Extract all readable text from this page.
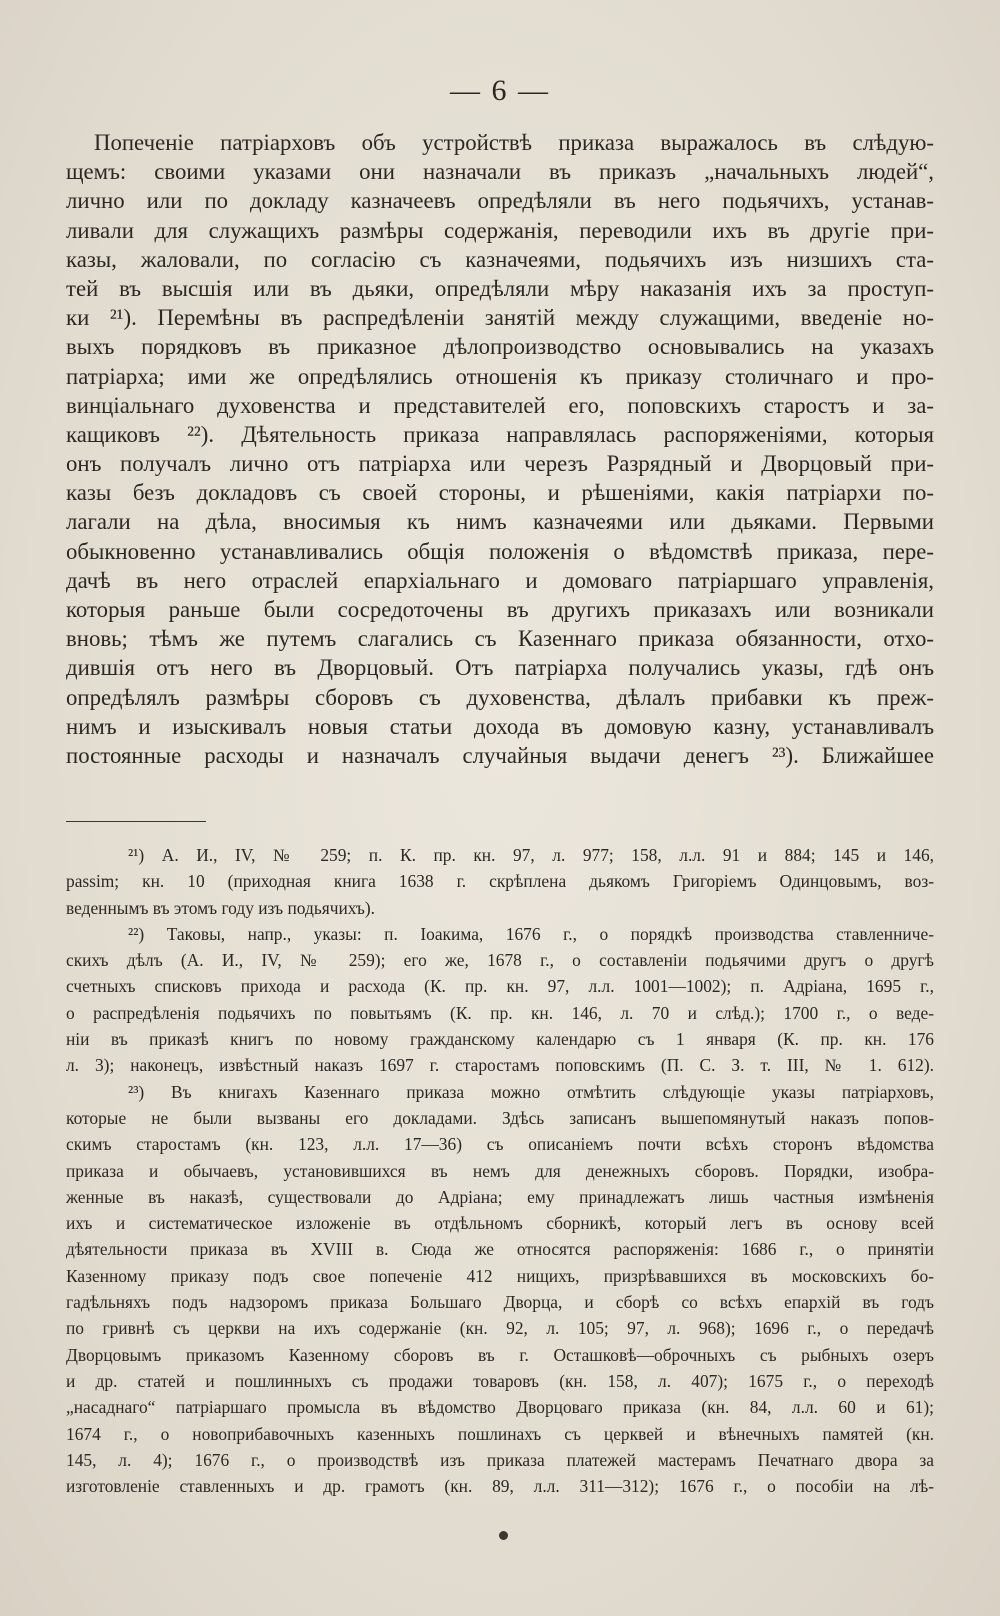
— 6 —
Попеченіе патріарховъ объ устройствѣ приказа выражалось въ слѣдую-
щемъ: своими указами они назначали въ приказъ „начальныхъ людей“,
лично или по докладу казначеевъ опредѣляли въ него подьячихъ, устанав-
ливали для служащихъ размѣры содержанія, переводили ихъ въ другіе при-
казы, жаловали, по согласію съ казначеями, подьячихъ изъ низшихъ ста-
тей въ высшія или въ дьяки, опредѣляли мѣру наказанія ихъ за проступ-
ки ²¹). Перемѣны въ распредѣленіи занятій между служащими, введеніе но-
выхъ порядковъ въ приказное дѣлопроизводство основывались на указахъ
патріарха; ими же опредѣлялись отношенія къ приказу столичнаго и про-
винціальнаго духовенства и представителей его, поповскихъ старостъ и за-
кащиковъ ²²). Дѣятельность приказа направлялась распоряженіями, которыя
онъ получалъ лично отъ патріарха или черезъ Разрядный и Дворцовый при-
казы безъ докладовъ съ своей стороны, и рѣшеніями, какія патріархи по-
лагали на дѣла, вносимыя къ нимъ казначеями или дьяками. Первыми
обыкновенно устанавливались общія положенія о вѣдомствѣ приказа, пере-
дачѣ въ него отраслей епархіальнаго и домоваго патріаршаго управленія,
которыя раньше были сосредоточены въ другихъ приказахъ или возникали
вновь; тѣмъ же путемъ слагались съ Казеннаго приказа обязанности, отхо-
дившія отъ него въ Дворцовый. Отъ патріарха получались указы, гдѣ онъ
опредѣлялъ размѣры сборовъ съ духовенства, дѣлалъ прибавки къ преж-
нимъ и изыскивалъ новыя статьи дохода въ домовую казну, устанавливалъ
постоянные расходы и назначалъ случайныя выдачи денегъ ²³). Ближайшее
²¹) А. И., IV, № 259; п. К. пр. кн. 97, л. 977; 158, л.л. 91 и 884; 145 и 146,
passim; кн. 10 (приходная книга 1638 г. скрѣплена дьякомъ Григоріемъ Одинцовымъ, воз-
веденнымъ въ этомъ году изъ подьячихъ).
²²) Таковы, напр., указы: п. Іоакима, 1676 г., о порядкѣ производства ставленниче-
скихъ дѣлъ (А. И., IV, № 259); его же, 1678 г., о составленіи подьячими другъ о другѣ
счетныхъ списковъ прихода и расхода (К. пр. кн. 97, л.л. 1001—1002); п. Адріана, 1695 г.,
о распредѣленія подьячихъ по повытьямъ (К. пр. кн. 146, л. 70 и слѣд.); 1700 г., о веде-
ніи въ приказѣ книгъ по новому гражданскому календарю съ 1 января (К. пр. кн. 176
л. 3); наконецъ, извѣстный наказъ 1697 г. старостамъ поповскимъ (П. С. З. т. III, № 1. 612).
²³) Въ книгахъ Казеннаго приказа можно отмѣтить слѣдующіе указы патріарховъ,
которые не были вызваны его докладами. Здѣсь записанъ вышепомянутый наказъ попов-
скимъ старостамъ (кн. 123, л.л. 17—36) съ описаніемъ почти всѣхъ сторонъ вѣдомства
приказа и обычаевъ, установившихся въ немъ для денежныхъ сборовъ. Порядки, изобра-
женные въ наказѣ, существовали до Адріана; ему принадлежатъ лишь частныя измѣненія
ихъ и систематическое изложеніе въ отдѣльномъ сборникѣ, который легъ въ основу всей
дѣятельности приказа въ XVIII в. Сюда же относятся распоряженія: 1686 г., о принятіи
Казенному приказу подъ свое попеченіе 412 нищихъ, призрѣвавшихся въ московскихъ бо-
гадѣльняхъ подъ надзоромъ приказа Большаго Дворца, и сборѣ со всѣхъ епархій въ годъ
по гривнѣ съ церкви на ихъ содержаніе (кн. 92, л. 105; 97, л. 968); 1696 г., о передачѣ
Дворцовымъ приказомъ Казенному сборовъ въ г. Осташковѣ—оброчныхъ съ рыбныхъ озеръ
и др. статей и пошлинныхъ съ продажи товаровъ (кн. 158, л. 407); 1675 г., о переходѣ
„насаднаго“ патріаршаго промысла въ вѣдомство Дворцоваго приказа (кн. 84, л.л. 60 и 61);
1674 г., о новоприбавочныхъ казенныхъ пошлинахъ съ церквей и вѣнечныхъ памятей (кн.
145, л. 4); 1676 г., о производствѣ изъ приказа платежей мастерамъ Печатнаго двора за
изготовленіе ставленныхъ и др. грамотъ (кн. 89, л.л. 311—312); 1676 г., о пособіи на лѣ-
